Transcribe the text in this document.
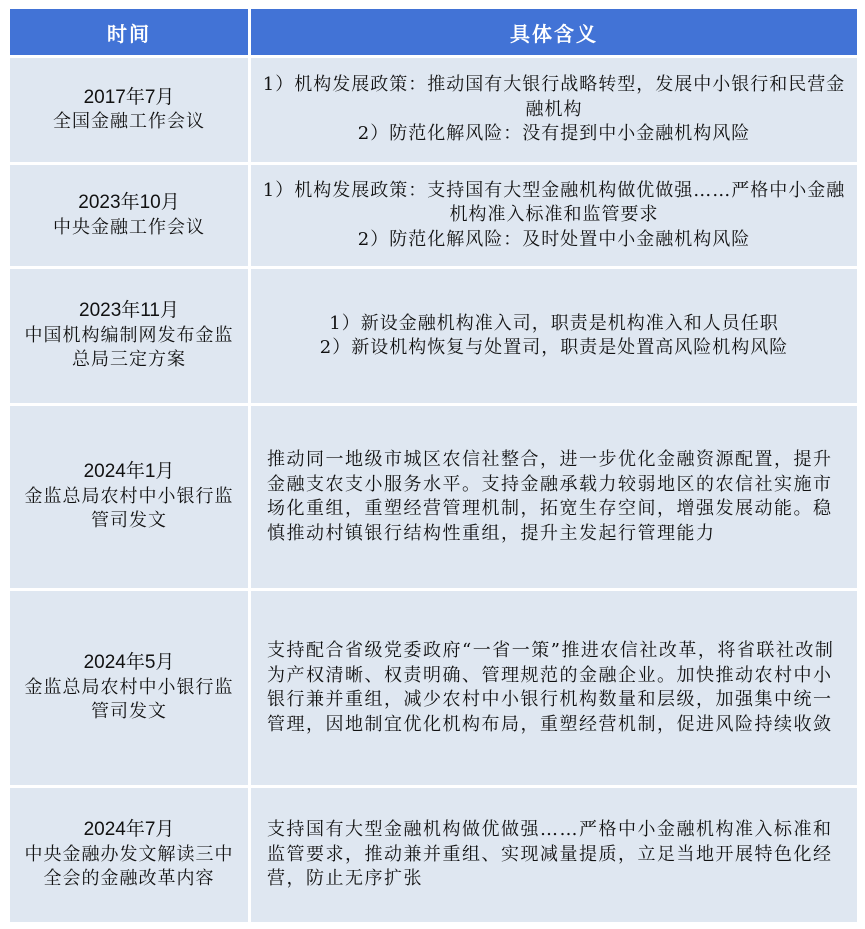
时间	具体含义

2017年7月
全国金融工作会议	1）机构发展政策：推动国有大银行战略转型，发展中小银行和民营金融机构
2）防范化解风险：没有提到中小金融机构风险

2023年10月
中央金融工作会议	1）机构发展政策：支持国有大型金融机构做优做强……严格中小金融机构准入标准和监管要求
2）防范化解风险：及时处置中小金融机构风险

2023年11月
中国机构编制网发布金监总局三定方案	1）新设金融机构准入司，职责是机构准入和人员任职
2）新设机构恢复与处置司，职责是处置高风险机构风险

2024年1月
金监总局农村中小银行监管司发文	推动同一地级市城区农信社整合，进一步优化金融资源配置，提升金融支农支小服务水平。支持金融承载力较弱地区的农信社实施市场化重组，重塑经营管理机制，拓宽生存空间，增强发展动能。稳慎推动村镇银行结构性重组，提升主发起行管理能力

2024年5月
金监总局农村中小银行监管司发文	支持配合省级党委政府“一省一策”推进农信社改革，将省联社改制为产权清晰、权责明确、管理规范的金融企业。加快推动农村中小银行兼并重组，减少农村中小银行机构数量和层级，加强集中统一管理，因地制宜优化机构布局，重塑经营机制，促进风险持续收敛

2024年7月
中央金融办发文解读三中全会的金融改革内容	支持国有大型金融机构做优做强……严格中小金融机构准入标准和监管要求，推动兼并重组、实现减量提质，立足当地开展特色化经营，防止无序扩张
